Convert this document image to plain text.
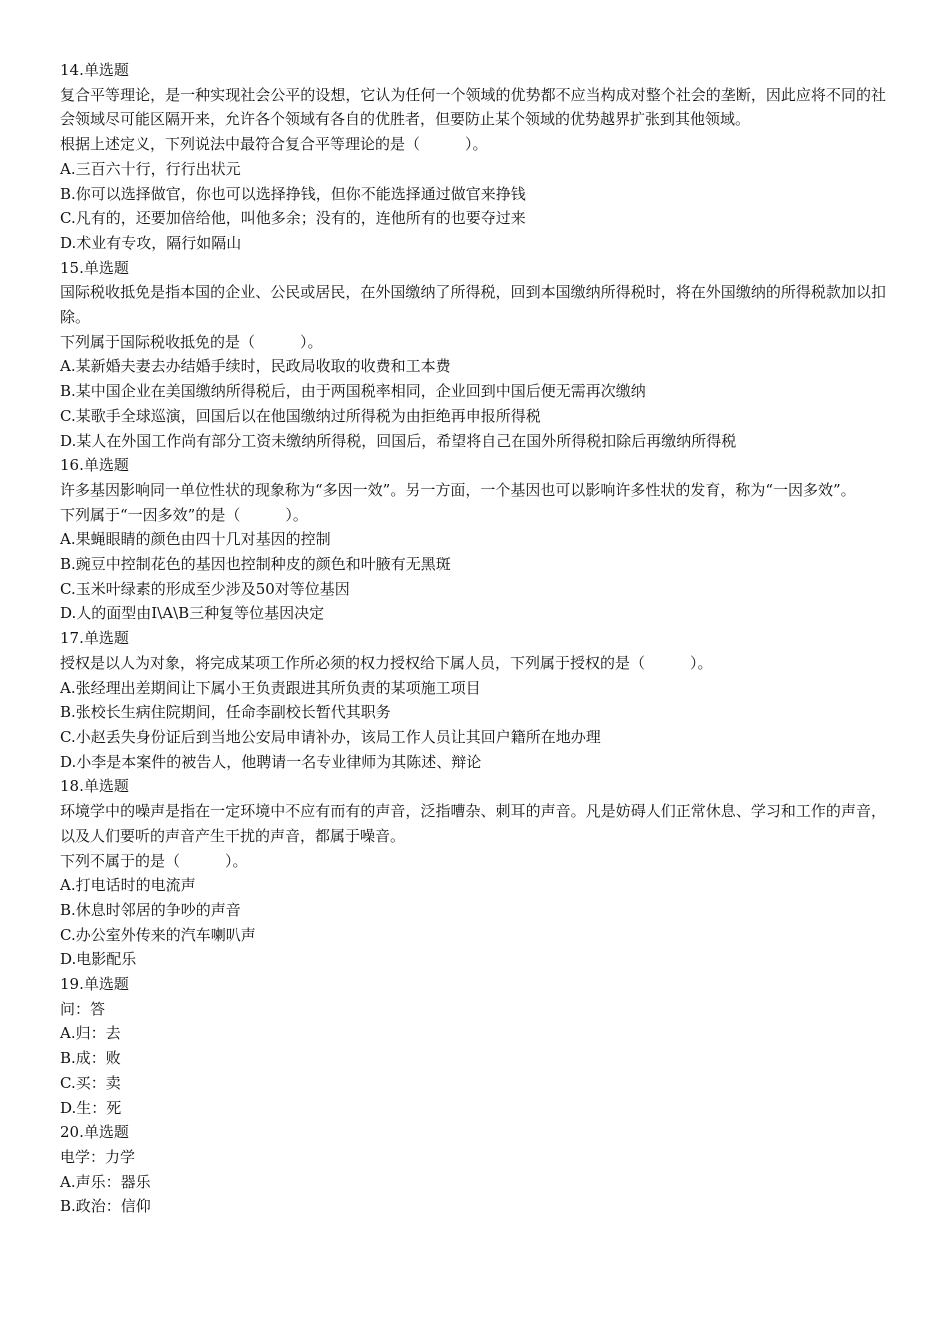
14.单选题

复合平等理论，是一种实现社会公平的设想，它认为任何一个领域的优势都不应当构成对整个社会的垄断，因此应将不同的社会领域尽可能区隔开来，允许各个领域有各自的优胜者，但要防止某个领域的优势越界扩张到其他领域。

根据上述定义，下列说法中最符合复合平等理论的是（　　　）。

A.三百六十行，行行出状元

B.你可以选择做官，你也可以选择挣钱，但你不能选择通过做官来挣钱

C.凡有的，还要加倍给他，叫他多余；没有的，连他所有的也要夺过来

D.术业有专攻，隔行如隔山

15.单选题

国际税收抵免是指本国的企业、公民或居民，在外国缴纳了所得税，回到本国缴纳所得税时，将在外国缴纳的所得税款加以扣除。

下列属于国际税收抵免的是（　　　）。

A.某新婚夫妻去办结婚手续时，民政局收取的收费和工本费

B.某中国企业在美国缴纳所得税后，由于两国税率相同，企业回到中国后便无需再次缴纳

C.某歌手全球巡演，回国后以在他国缴纳过所得税为由拒绝再申报所得税

D.某人在外国工作尚有部分工资未缴纳所得税，回国后，希望将自己在国外所得税扣除后再缴纳所得税

16.单选题

许多基因影响同一单位性状的现象称为“多因一效”。另一方面，一个基因也可以影响许多性状的发育，称为“一因多效”。

下列属于“一因多效”的是（　　　）。

A.果蝇眼睛的颜色由四十几对基因的控制

B.豌豆中控制花色的基因也控制种皮的颜色和叶腋有无黑斑

C.玉米叶绿素的形成至少涉及50对等位基因

D.人的面型由I\A\B三种复等位基因决定

17.单选题

授权是以人为对象，将完成某项工作所必须的权力授权给下属人员，下列属于授权的是（　　　）。

A.张经理出差期间让下属小王负责跟进其所负责的某项施工项目

B.张校长生病住院期间，任命李副校长暂代其职务

C.小赵丢失身份证后到当地公安局申请补办，该局工作人员让其回户籍所在地办理

D.小李是本案件的被告人，他聘请一名专业律师为其陈述、辩论

18.单选题

环境学中的噪声是指在一定环境中不应有而有的声音，泛指嘈杂、刺耳的声音。凡是妨碍人们正常休息、学习和工作的声音，以及人们要听的声音产生干扰的声音，都属于噪音。

下列不属于的是（　　　）。

A.打电话时的电流声

B.休息时邻居的争吵的声音

C.办公室外传来的汽车喇叭声

D.电影配乐

19.单选题

问：答

A.归：去

B.成：败

C.买：卖

D.生：死

20.单选题

电学：力学

A.声乐：器乐

B.政治：信仰
